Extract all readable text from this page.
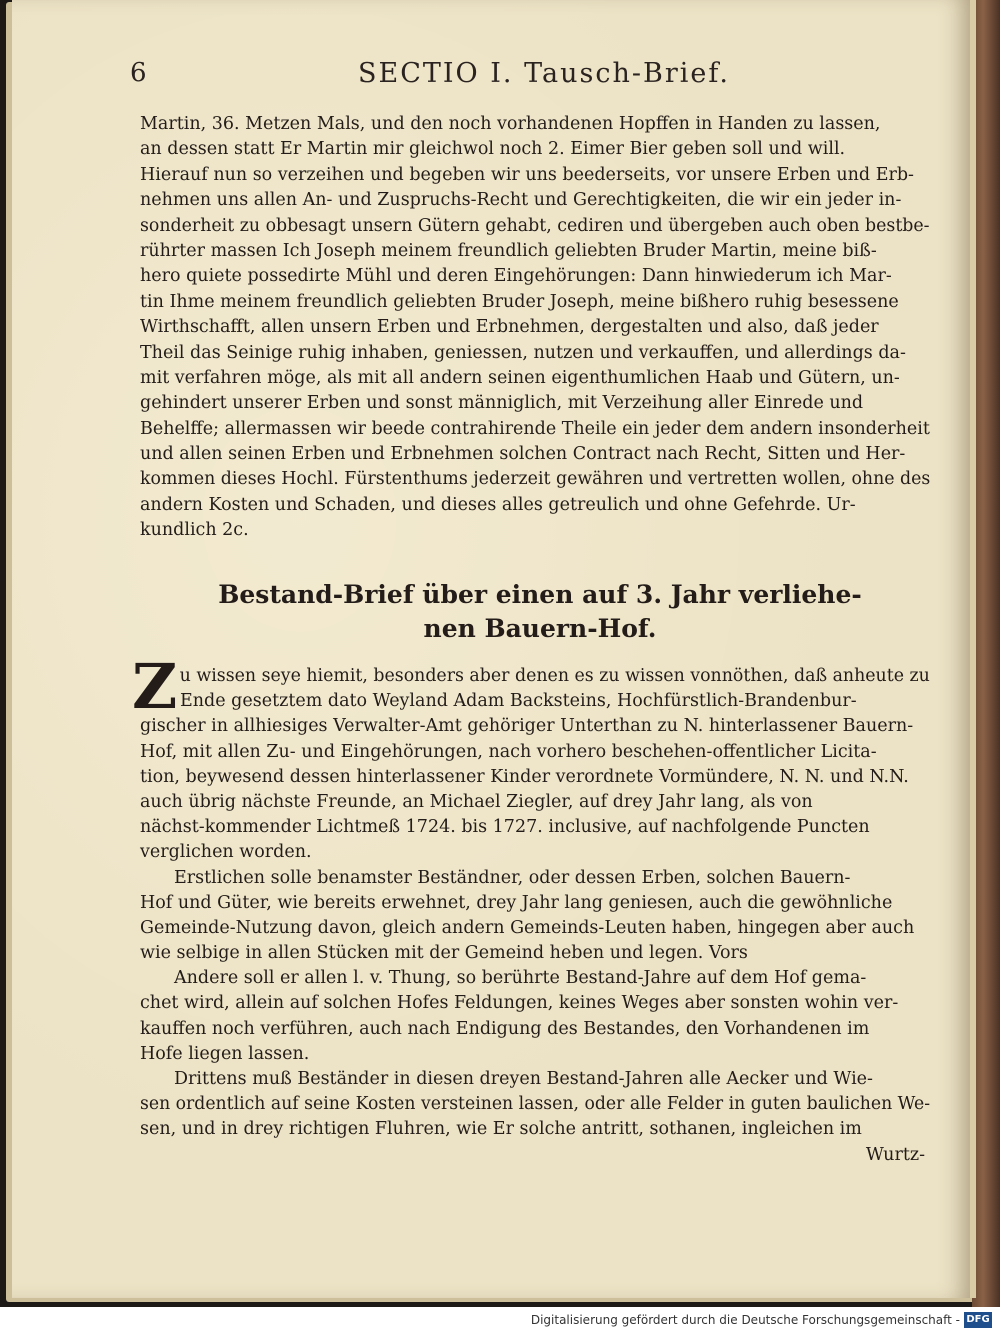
6	SECTIO I. Tausch-Brief.
Martin, 36. Metzen Mals, und den noch vorhandenen Hopffen in Handen zu lassen,
an dessen statt Er Martin mir gleichwol noch 2. Eimer Bier geben soll und will.
Hierauf nun so verzeihen und begeben wir uns beederseits, vor unsere Erben und Erb-
nehmen uns allen An- und Zuspruchs-Recht und Gerechtigkeiten, die wir ein jeder in-
sonderheit zu obbesagt unsern Gütern gehabt, cediren und übergeben auch oben bestbe-
rührter massen Ich Joseph meinem freundlich geliebten Bruder Martin, meine biß-
hero quiete possedirte Mühl und deren Eingehörungen: Dann hinwiederum ich Mar-
tin Ihme meinem freundlich geliebten Bruder Joseph, meine bißhero ruhig besessene
Wirthschafft, allen unsern Erben und Erbnehmen, dergestalten und also, daß jeder
Theil das Seinige ruhig inhaben, geniessen, nutzen und verkauffen, und allerdings da-
mit verfahren möge, als mit all andern seinen eigenthumlichen Haab und Gütern, un-
gehindert unserer Erben und sonst männiglich, mit Verzeihung aller Einrede und
Behelffe; allermassen wir beede contrahirende Theile ein jeder dem andern insonderheit
und allen seinen Erben und Erbnehmen solchen Contract nach Recht, Sitten und Her-
kommen dieses Hochl. Fürstenthums jederzeit gewähren und vertretten wollen, ohne des
andern Kosten und Schaden, und dieses alles getreulich und ohne Gefehrde. Ur-
kundlich 2c.
Bestand-Brief über einen auf 3. Jahr verliehe-
nen Bauern-Hof.
Z u wissen seye hiemit, besonders aber denen es zu wissen vonnöthen, daß anheute zu
Ende gesetztem dato Weyland Adam Backsteins, Hochfürstlich-Brandenbur-
gischer in allhiesiges Verwalter-Amt gehöriger Unterthan zu N. hinterlassener Bauern-
Hof, mit allen Zu- und Eingehörungen, nach vorhero beschehen-offentlicher Licita-
tion, beywesend dessen hinterlassener Kinder verordnete Vormündere, N. N. und N.N.
auch übrig nächste Freunde, an Michael Ziegler, auf drey Jahr lang, als von
nächst-kommender Lichtmeß 1724. bis 1727. inclusive, auf nachfolgende Puncten
verglichen worden.
Erstlichen solle benamster Beständner, oder dessen Erben, solchen Bauern-
Hof und Güter, wie bereits erwehnet, drey Jahr lang geniesen, auch die gewöhnliche
Gemeinde-Nutzung davon, gleich andern Gemeinds-Leuten haben, hingegen aber auch
wie selbige in allen Stücken mit der Gemeind heben und legen. Vors
Andere soll er allen l. v. Thung, so berührte Bestand-Jahre auf dem Hof gema-
chet wird, allein auf solchen Hofes Feldungen, keines Weges aber sonsten wohin ver-
kauffen noch verführen, auch nach Endigung des Bestandes, den Vorhandenen im
Hofe liegen lassen.
Drittens muß Beständer in diesen dreyen Bestand-Jahren alle Aecker und Wie-
sen ordentlich auf seine Kosten versteinen lassen, oder alle Felder in guten baulichen We-
sen, und in drey richtigen Fluhren, wie Er solche antritt, sothanen, ingleichen im
Wurtz-
Digitalisierung gefördert durch die Deutsche Forschungsgemeinschaft - DFG
